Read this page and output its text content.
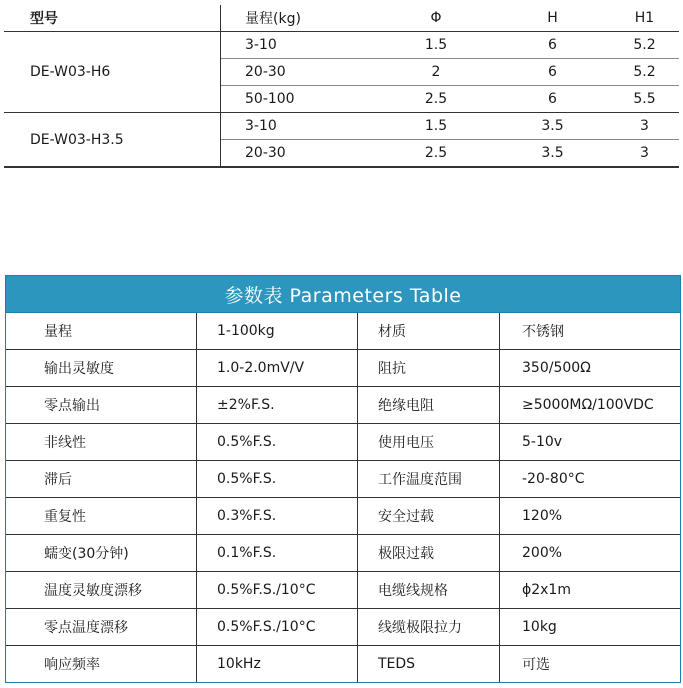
型号	量程(kg)	Φ	H	H1
DE-W03-H6	3-10	1.5	6	5.2
	20-30	2	6	5.2
	50-100	2.5	6	5.5
DE-W03-H3.5	3-10	1.5	3.5	3
	20-30	2.5	3.5	3
参数表 Parameters Table
量程	1-100kg	材质	不锈钢
输出灵敏度	1.0-2.0mV/V	阻抗	350/500Ω
零点输出	±2%F.S.	绝缘电阻	≥5000MΩ/100VDC
非线性	0.5%F.S.	使用电压	5-10v
滞后	0.5%F.S.	工作温度范围	-20-80°C
重复性	0.3%F.S.	安全过载	120%
蠕变(30分钟)	0.1%F.S.	极限过载	200%
温度灵敏度漂移	0.5%F.S./10°C	电缆线规格	ϕ2x1m
零点温度漂移	0.5%F.S./10°C	线缆极限拉力	10kg
响应频率	10kHz	TEDS	可选
